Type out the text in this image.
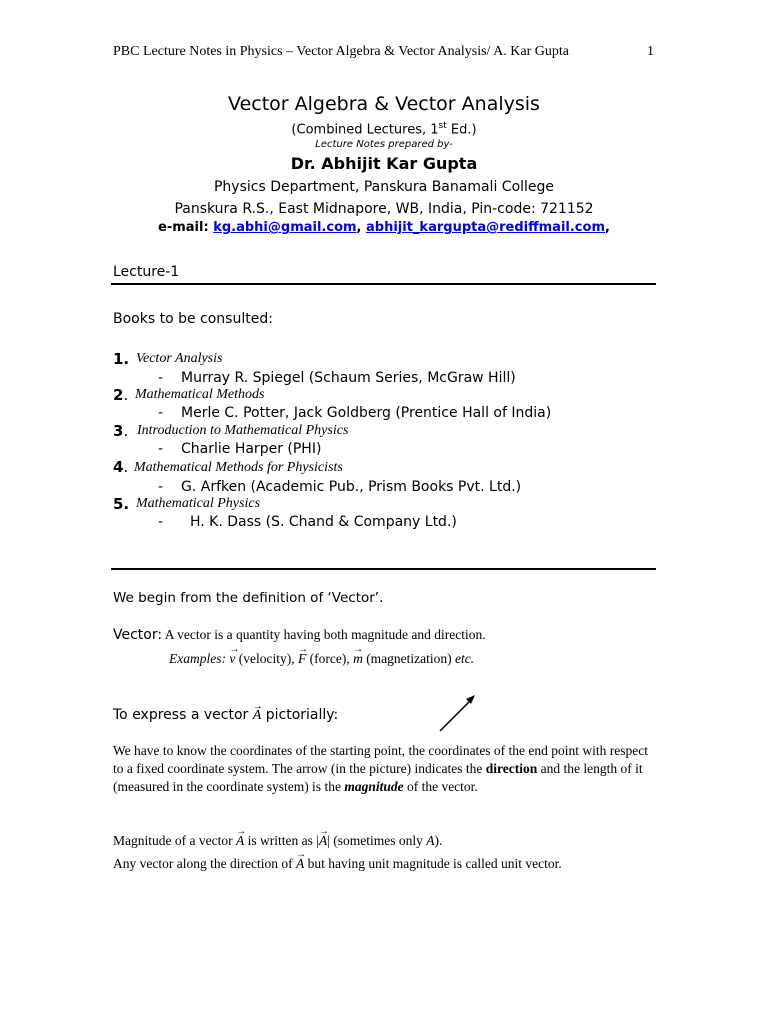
PBC Lecture Notes in Physics – Vector Algebra & Vector Analysis/ A. Kar Gupta	1
Vector Algebra & Vector Analysis
(Combined Lectures, 1st Ed.)
Lecture Notes prepared by-
Dr. Abhijit Kar Gupta
Physics Department, Panskura Banamali College
Panskura R.S., East Midnapore, WB, India, Pin-code: 721152
e-mail: kg.abhi@gmail.com, abhijit_kargupta@rediffmail.com,
Lecture-1
Books to be consulted:
1. Vector Analysis
- Murray R. Spiegel (Schaum Series, McGraw Hill)
2. Mathematical Methods
- Merle C. Potter, Jack Goldberg (Prentice Hall of India)
3. Introduction to Mathematical Physics
- Charlie Harper (PHI)
4. Mathematical Methods for Physicists
- G. Arfken (Academic Pub., Prism Books Pvt. Ltd.)
5. Mathematical Physics
- H. K. Dass (S. Chand & Company Ltd.)
We begin from the definition of ‘Vector’.
Vector: A vector is a quantity having both magnitude and direction.
Examples: → v (velocity), → F (force), → m (magnetization) etc.
To express a vector → A pictorially:
We have to know the coordinates of the starting point, the coordinates of the end point with respect to a fixed coordinate system. The arrow (in the picture) indicates the direction and the length of it (measured in the coordinate system) is the magnitude of the vector.
Magnitude of a vector → A is written as |→ A| (sometimes only A).
Any vector along the direction of → A but having unit magnitude is called unit vector.
